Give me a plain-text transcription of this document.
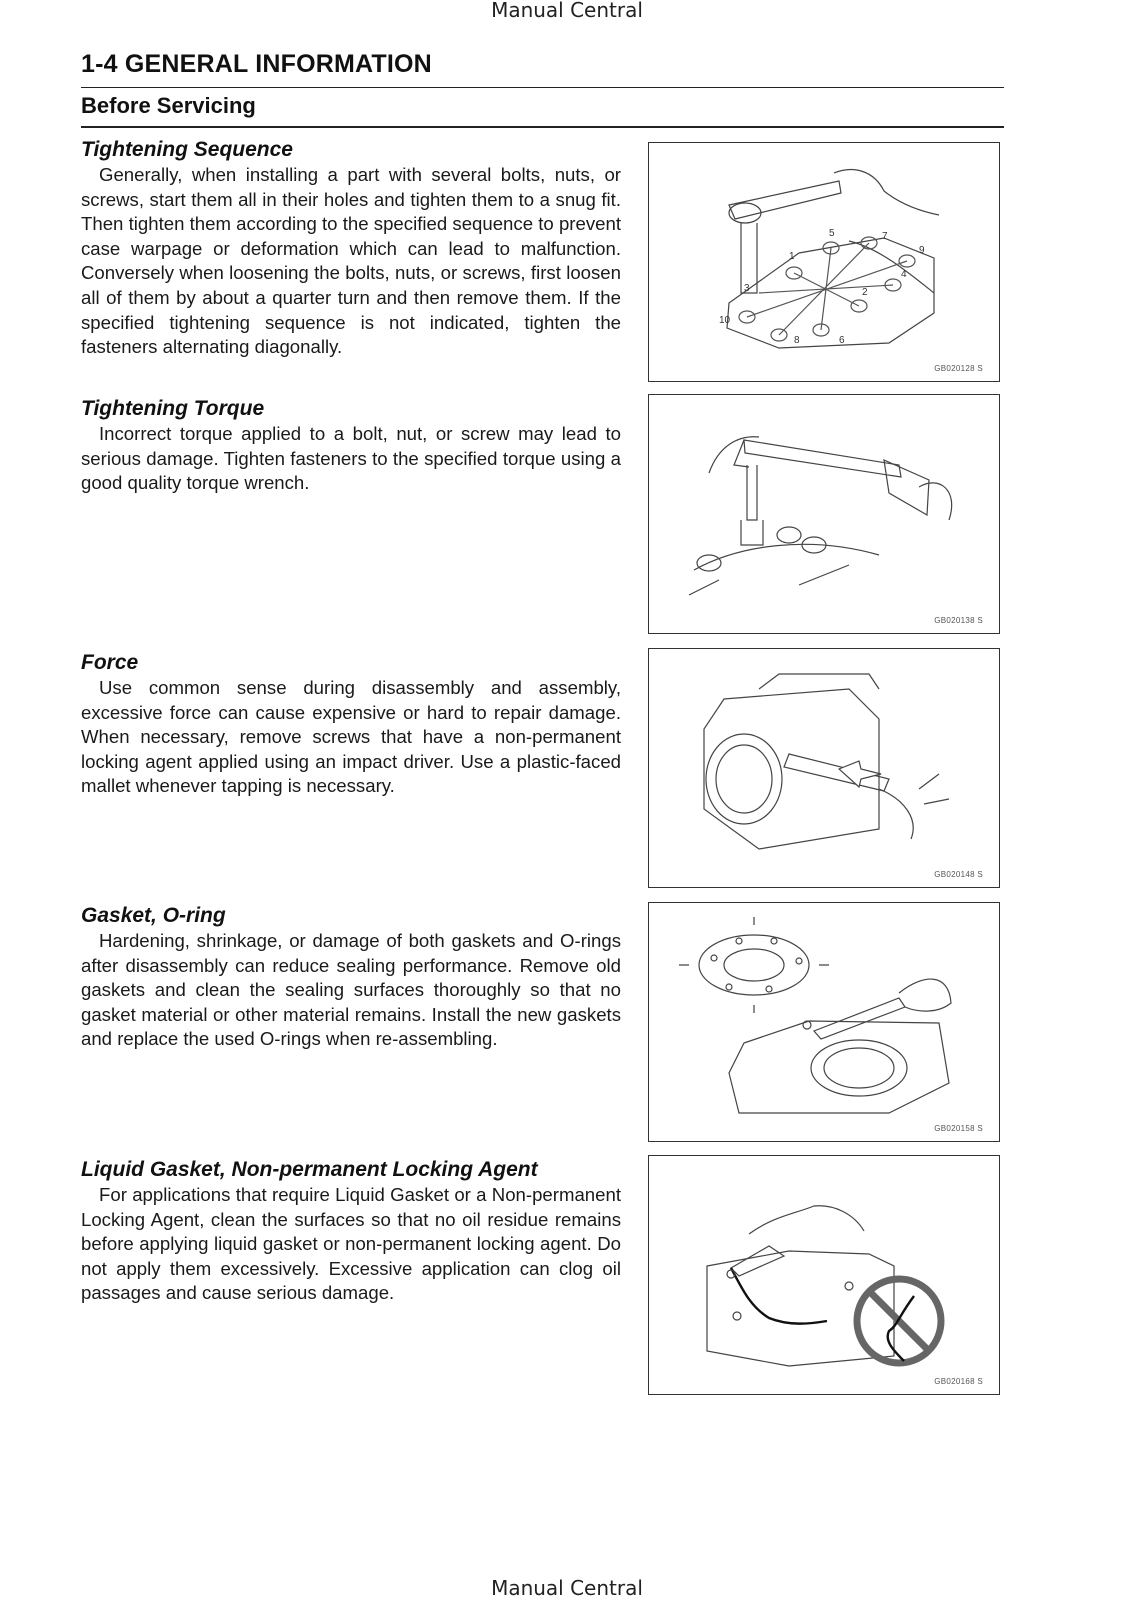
Manual Central
1-4 GENERAL INFORMATION
Before Servicing
Tightening Sequence

Generally, when installing a part with several bolts, nuts, or screws, start them all in their holes and tighten them to a snug fit. Then tighten them according to the specified sequence to prevent case warpage or deformation which can lead to malfunction. Conversely when loosening the bolts, nuts, or screws, first loosen all of them by about a quarter turn and then remove them. If the specified tightening sequence is not indicated, tighten the fasteners alternating diagonally.

1
2
3
4
5
6
7
8
9
10
GB020128 S
Tightening Torque

Incorrect torque applied to a bolt, nut, or screw may lead to serious damage. Tighten fasteners to the specified torque using a good quality torque wrench.

GB020138 S
Force

Use common sense during disassembly and assembly, excessive force can cause expensive or hard to repair damage. When necessary, remove screws that have a non-permanent locking agent applied using an impact driver. Use a plastic-faced mallet whenever tapping is necessary.

GB020148 S
Gasket, O-ring

Hardening, shrinkage, or damage of both gaskets and O-rings after disassembly can reduce sealing performance. Remove old gaskets and clean the sealing surfaces thoroughly so that no gasket material or other material remains. Install the new gaskets and replace the used O-rings when re-assembling.

GB020158 S
Liquid Gasket, Non-permanent Locking Agent

For applications that require Liquid Gasket or a Non-permanent Locking Agent, clean the surfaces so that no oil residue remains before applying liquid gasket or non-permanent locking agent. Do not apply them excessively. Excessive application can clog oil passages and cause serious damage.

GB020168 S
Manual Central
